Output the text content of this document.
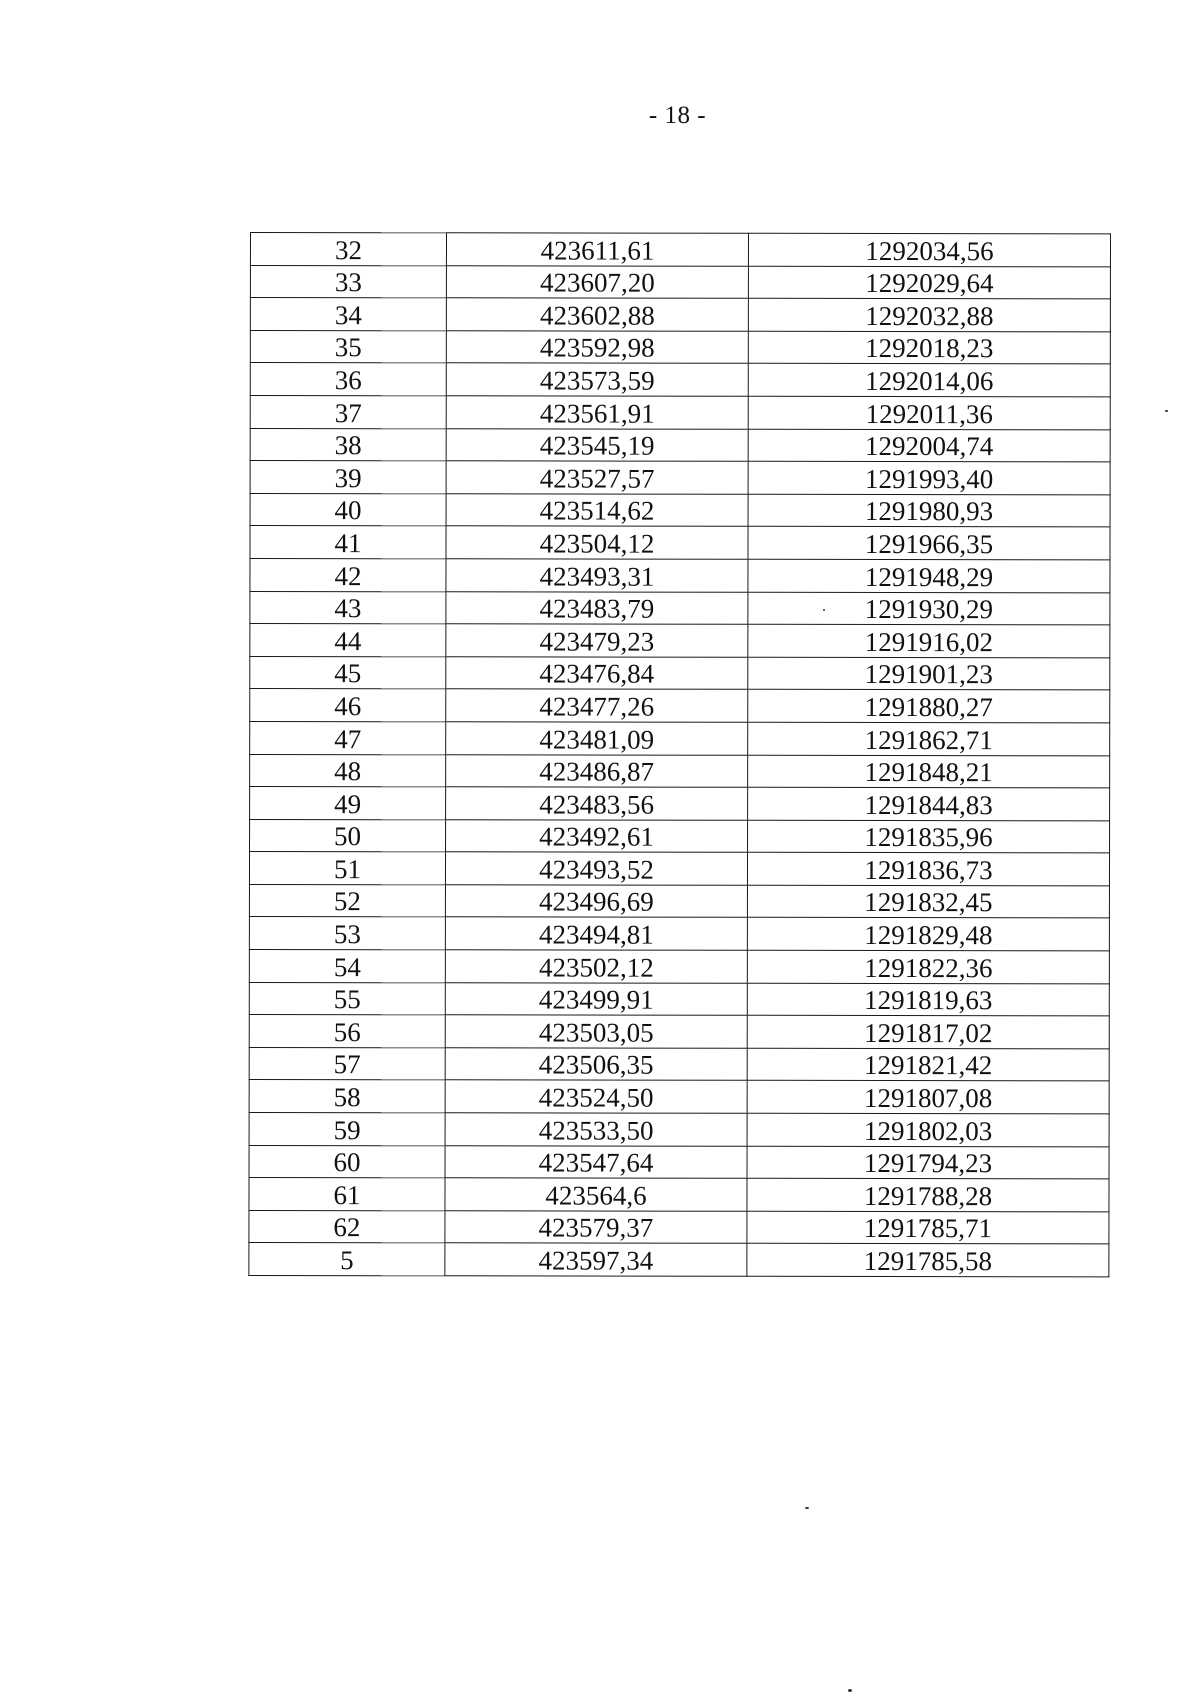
- 18 -
32	423611,61	1292034,56
33	423607,20	1292029,64
34	423602,88	1292032,88
35	423592,98	1292018,23
36	423573,59	1292014,06
37	423561,91	1292011,36
38	423545,19	1292004,74
39	423527,57	1291993,40
40	423514,62	1291980,93
41	423504,12	1291966,35
42	423493,31	1291948,29
43	423483,79	1291930,29
44	423479,23	1291916,02
45	423476,84	1291901,23
46	423477,26	1291880,27
47	423481,09	1291862,71
48	423486,87	1291848,21
49	423483,56	1291844,83
50	423492,61	1291835,96
51	423493,52	1291836,73
52	423496,69	1291832,45
53	423494,81	1291829,48
54	423502,12	1291822,36
55	423499,91	1291819,63
56	423503,05	1291817,02
57	423506,35	1291821,42
58	423524,50	1291807,08
59	423533,50	1291802,03
60	423547,64	1291794,23
61	423564,6	1291788,28
62	423579,37	1291785,71
5	423597,34	1291785,58
